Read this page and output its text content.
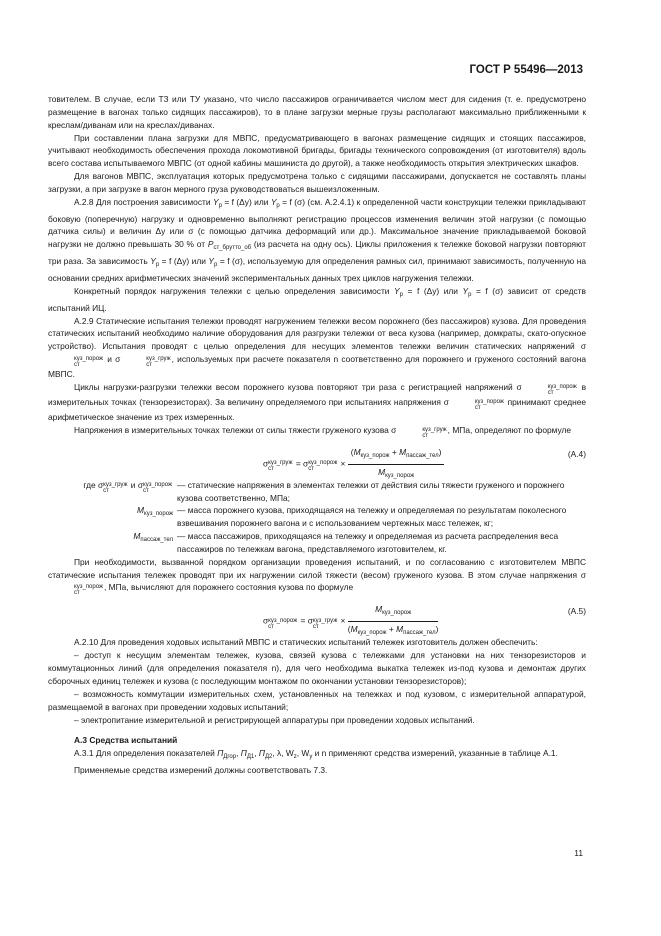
ГОСТ Р 55496—2013

товителем. В случае, если ТЗ или ТУ указано, что число пассажиров ограничивается числом мест для сидения (т. е. предусмотрено размещение в вагонах только сидящих пассажиров), то в плане загрузки мерные грузы располагают максимально приближенными к креслам/диванам или на креслах/диванах.

При составлении плана загрузки для МВПС, предусматривающего в вагонах размещение сидящих и стоящих пассажиров, учитывают необходимость обеспечения прохода локомотивной бригады, бригады технического сопровождения (от изготовителя) вдоль всего состава испытываемого МВПС (от одной кабины машиниста до другой), а также необходимость открытия электрических шкафов.

Для вагонов МВПС, эксплуатация которых предусмотрена только с сидящими пассажирами, допускается не составлять планы загрузки, а при загрузке в вагон мерного груза руководствоваться вышеизложенным.

А.2.8 Для построения зависимости $Y_р = f$ (Δy) или $Y_р = f$ (σ) (см. А.2.4.1) к определенной части конструкции тележки прикладывают боковую (поперечную) нагрузку и одновременно выполняют регистрацию процессов изменения величин этой нагрузки (с помощью датчика силы) и величин Δy или σ (с помощью датчика деформаций или др.). Максимальное значение прикладываемой боковой нагрузки не должно превышать 30 % от $P_{ст\_брутто\_об}$ (из расчета на одну ось). Циклы приложения к тележке боковой нагрузки повторяют три раза. За зависимость $Y_р = f$ (Δy) или $Y_р = f$ (σ), используемую для определения рамных сил, принимают зависимость, полученную на основании средних арифметических значений экспериментальных данных трех циклов нагружения тележки.

Конкретный порядок нагружения тележки с целью определения зависимости $Y_р = f$ (Δy) или $Y_р = f$ (σ) зависит от средств испытаний ИЦ.

А.2.9 Статические испытания тележки проводят нагружением тележки весом порожнего (без пассажиров) кузова. Для проведения статических испытаний необходимо наличие оборудования для разгрузки тележки от веса кузова (например, домкраты, скато-опускное устройство). Испытания проводят с целью определения для несущих элементов тележки величин статических напряжений σ
куз_порож
ст
и σ	куз_груж
ст
, используемых при расчете показателя n соответственно для порожнего и груженого состояний вагона МВПС.

Циклы нагрузки-разгрузки тележки весом порожнего кузова повторяют три раза с регистрацией напряжений σ	куз_порож
ст
в измерительных точках (тензорезисторах). За величину определяемого при испытаниях напряжения σ	куз_порож
ст
принимают среднее арифметическое значение из трех измеренных.

Напряжения в измерительных точках тележки от силы тяжести груженого кузова σ	куз_груж
ст
, МПа, определяют по формуле

σ куз_груж
ст
= σ куз_порож
ст
× $\frac{(M_{куз\_порож} + M_{пассаж\_тел})}{M_{куз\_порож}}$	(А.4)
где σ куз_груж
ст
и σ куз_порож
ст
— статические напряжения в элементах тележки от действия силы тяжести груженого и порожнего кузова соответственно, МПа;
$M_{куз\_порож}$ — масса порожнего кузова, приходящаяся на тележку и определяемая по результатам поколесного взвешивания порожнего вагона и с использованием чертежных масс тележек, кг;
$M_{пассаж\_тел}$ — масса пассажиров, приходящаяся на тележку и определяемая из расчета распределения веса пассажиров по тележкам вагона, представляемого изготовителем, кг.

При необходимости, вызванной порядком организации проведения испытаний, и по согласованию с изготовителем МВПС статические испытания тележек проводят при их нагружении силой тяжести (весом) груженого кузова. В этом случае напряжения σ
куз_порож
ст
, МПа, вычисляют для порожнего состояния кузова по формуле

σ куз_порож
ст
= σ куз_груж
ст
× $\frac{M_{куз\_порож}}{(M_{куз\_порож} + M_{пассаж\_тел})}$	(А.5)

А.2.10 Для проведения ходовых испытаний МВПС и статических испытаний тележек изготовитель должен обеспечить:

– доступ к несущим элементам тележек, кузова, связей кузова с тележками для установки на них тензорезисторов и коммутационных линий (для определения показателя n), для чего необходима выкатка тележек из-под кузова и демонтаж других сборочных единиц тележек и кузова (с последующим монтажом по окончании установки тензорезисторов);

– возможность коммутации измерительных схем, установленных на тележках и под кузовом, с измерительной аппаратурой, размещаемой в вагонах при проведении ходовых испытаний;

– электропитание измерительной и регистрирующей аппаратуры при проведении ходовых испытаний.

А.3 Средства испытаний

А.3.1 Для определения показателей $П_{Дгор}$, $П_{Д1}$, $П_{Д2}$, λ, $W_z$, $W_y$ и n применяют средства измерений, указанные в таблице А.1.

Применяемые средства измерений должны соответствовать 7.3.

11
